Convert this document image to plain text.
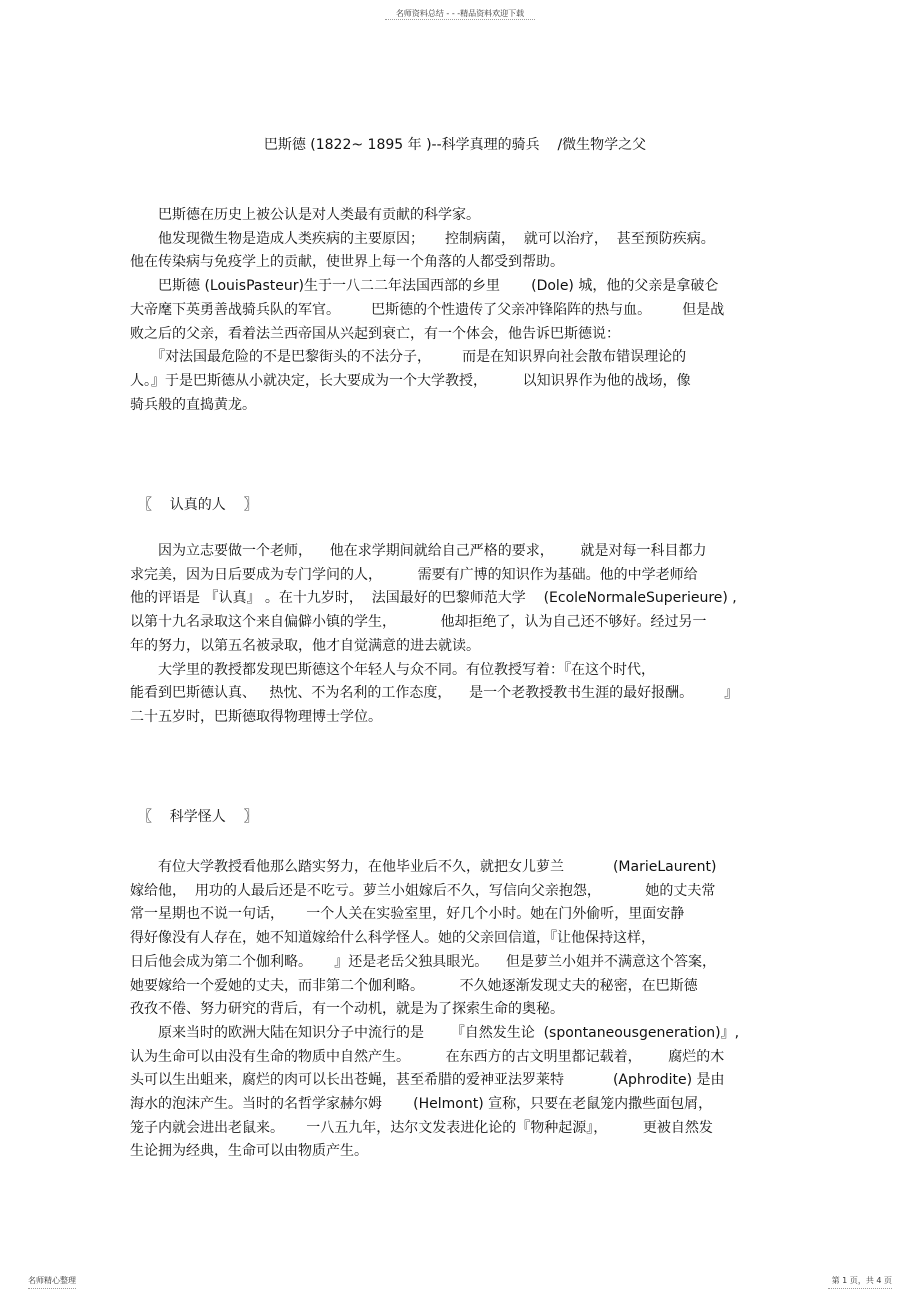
名师资料总结 - - -精品资料欢迎下载
巴斯德 (1822~ 1895 年 )--科学真理的骑兵    /微生物学之父
　　巴斯德在历史上被公认是对人类最有贡献的科学家。
　　他发现微生物是造成人类疾病的主要原因；　　控制病菌，  就可以治疗，  甚至预防疾病。
他在传染病与免疫学上的贡献，使世界上每一个角落的人都受到帮助。
　　巴斯德 (LouisPasteur)生于一八二二年法国西部的乡里       (Dole) 城，他的父亲是拿破仑
大帝麾下英勇善战骑兵队的军官。       巴斯德的个性遗传了父亲冲锋陷阵的热与血。       但是战
败之后的父亲，看着法兰西帝国从兴起到衰亡，有一个体会，他告诉巴斯德说：
　　『对法国最危险的不是巴黎街头的不法分子，       而是在知识界向社会散布错误理论的
人。』于是巴斯德从小就决定，长大要成为一个大学教授，        以知识界作为他的战场，像
骑兵般的直捣黄龙。
〖    认真的人    〗
　　因为立志要做一个老师，    他在求学期间就给自己严格的要求，      就是对每一科目都力
求完美，因为日后要成为专门学问的人，        需要有广博的知识作为基础。他的中学老师给
他的评语是 『认真』 。在十九岁时，  法国最好的巴黎师范大学    (EcoleNormaleSuperieure) ,
以第十九名录取这个来自偏僻小镇的学生，          他却拒绝了，认为自己还不够好。经过另一
年的努力，以第五名被录取，他才自觉满意的进去就读。
　　大学里的教授都发现巴斯德这个年轻人与众不同。有位教授写着：『在这个时代，
能看到巴斯德认真、   热忱、不为名利的工作态度，    是一个老教授教书生涯的最好报酬。       』
二十五岁时，巴斯德取得物理博士学位。
〖    科学怪人    〗
　　有位大学教授看他那么踏实努力，在他毕业后不久，就把女儿萝兰           (MarieLaurent)
嫁给他，  用功的人最后还是不吃亏。萝兰小姐嫁后不久，写信向父亲抱怨，          她的丈夫常
常一星期也不说一句话，     一个人关在实验室里，好几个小时。她在门外偷听，里面安静
得好像没有人存在，她不知道嫁给什么科学怪人。她的父亲回信道，『让他保持这样，
日后他会成为第二个伽利略。     』还是老岳父独具眼光。    但是萝兰小姐并不满意这个答案，
她要嫁给一个爱她的丈夫，而非第二个伽利略。        不久她逐渐发现丈夫的秘密，在巴斯德
孜孜不倦、努力研究的背后，有一个动机，就是为了探索生命的奥秘。
　　原来当时的欧洲大陆在知识分子中流行的是      『自然发生论  (spontaneousgeneration)』,
认为生命可以由没有生命的物质中自然产生。        在东西方的古文明里都记载着，      腐烂的木
头可以生出蛆来，腐烂的肉可以长出苍蝇，甚至希腊的爱神亚法罗莱特           (Aphrodite) 是由
海水的泡沫产生。当时的名哲学家赫尔姆       (Helmont) 宣称，只要在老鼠笼内撒些面包屑，
笼子内就会进出老鼠来。     一八五九年，达尔文发表进化论的『物种起源』，        更被自然发
生论拥为经典，生命可以由物质产生。
名师精心整理	第 1 页，共 4 页
